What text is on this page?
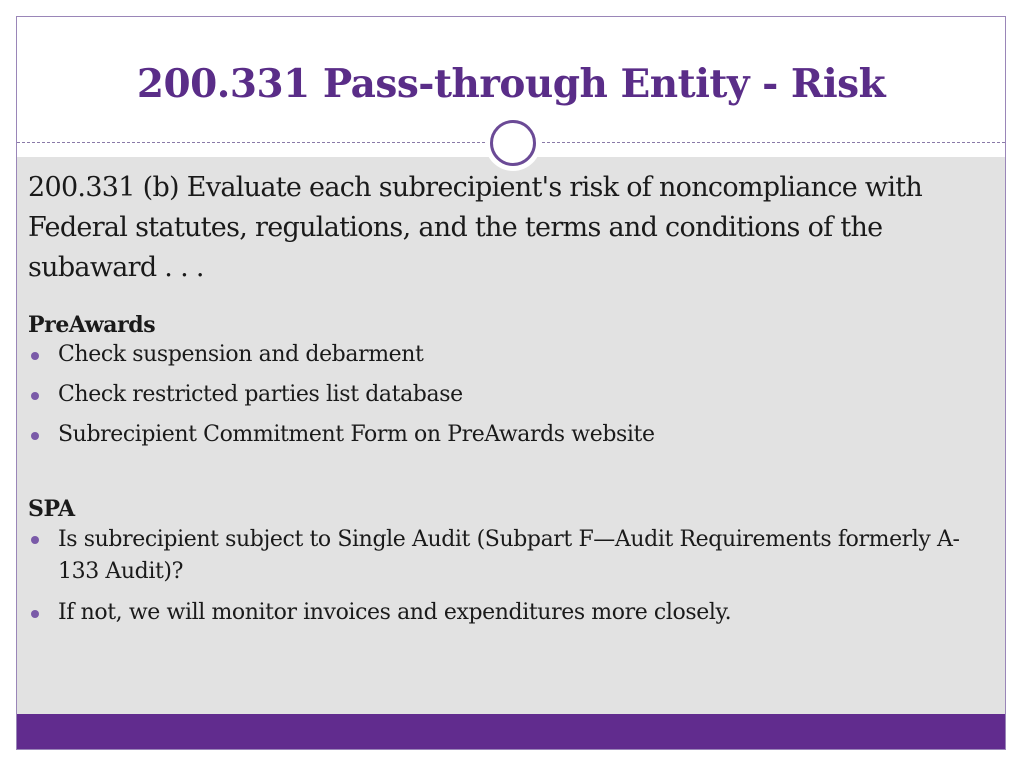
200.331 Pass-through Entity - Risk

200.331 (b) Evaluate each subrecipient's risk of noncompliance with Federal statutes, regulations, and the terms and conditions of the subaward . . .

PreAwards

Check suspension and debarment
Check restricted parties list database
Subrecipient Commitment Form on PreAwards website

SPA

Is subrecipient subject to Single Audit (Subpart F—Audit Requirements formerly A-133 Audit)?
If not, we will monitor invoices and expenditures more closely.
